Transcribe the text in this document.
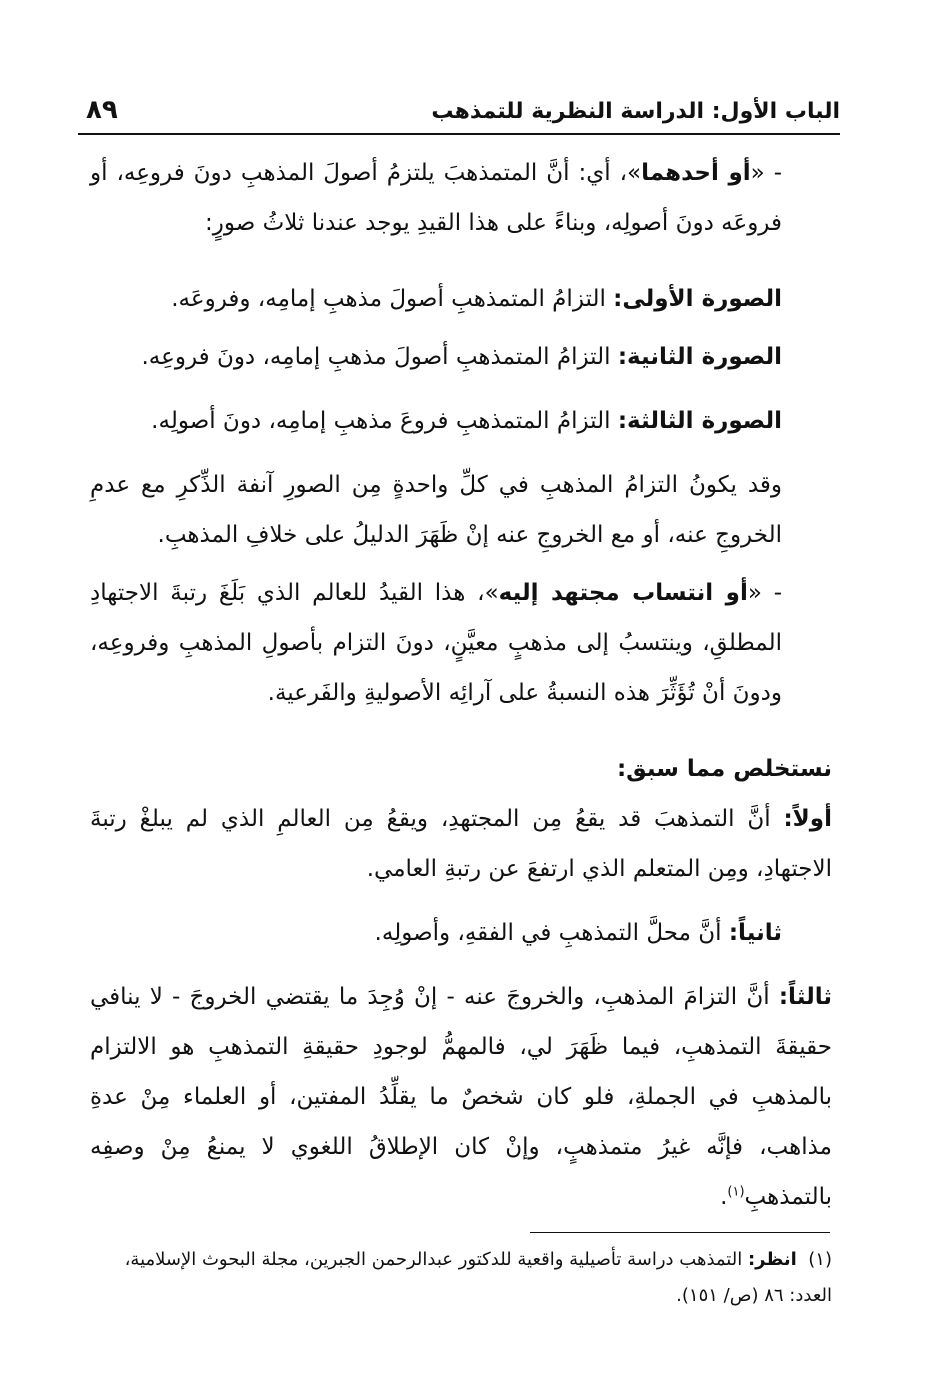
الباب الأول: الدراسة النظرية للتمذهب
٨٩

- «أو أحدهما»، أي: أنَّ المتمذهبَ يلتزمُ أصولَ المذهبِ دونَ فروعِه، أو فروعَه دونَ أصولِه، وبناءً على هذا القيدِ يوجد عندنا ثلاثُ صورٍ:

الصورة الأولى: التزامُ المتمذهبِ أصولَ مذهبِ إمامِه، وفروعَه.

الصورة الثانية: التزامُ المتمذهبِ أصولَ مذهبِ إمامِه، دونَ فروعِه.

الصورة الثالثة: التزامُ المتمذهبِ فروعَ مذهبِ إمامِه، دونَ أصولِه.

وقد يكونُ التزامُ المذهبِ في كلِّ واحدةٍ مِن الصورِ آنفة الذِّكرِ مع عدمِ الخروجِ عنه، أو مع الخروجِ عنه إنْ ظَهَرَ الدليلُ على خلافِ المذهبِ.

- «أو انتساب مجتهد إليه»، هذا القيدُ للعالم الذي بَلَغَ رتبةَ الاجتهادِ المطلقِ، وينتسبُ إلى مذهبٍ معيَّنٍ، دونَ التزام بأصولِ المذهبِ وفروعِه، ودونَ أنْ تُؤَثِّرَ هذه النسبةُ على آرائِه الأصوليةِ والفَرعية.

نستخلص مما سبق:

أولاً: أنَّ التمذهبَ قد يقعُ مِن المجتهدِ، ويقعُ مِن العالمِ الذي لم يبلغْ رتبةَ الاجتهادِ، ومِن المتعلم الذي ارتفعَ عن رتبةِ العامي.

ثانياً: أنَّ محلَّ التمذهبِ في الفقهِ، وأصولِه.

ثالثاً: أنَّ التزامَ المذهبِ، والخروجَ عنه - إنْ وُجِدَ ما يقتضي الخروجَ - لا ينافي حقيقةَ التمذهبِ، فيما ظَهَرَ لي، فالمهمُّ لوجودِ حقيقةِ التمذهبِ هو الالتزام بالمذهبِ في الجملةِ، فلو كان شخصٌ ما يقلِّدُ المفتين، أو العلماء مِنْ عدةِ مذاهب، فإنَّه غيرُ متمذهبٍ، وإنْ كان الإطلاقُ اللغوي لا يمنعُ مِنْ وصفِه بالتمذهبِ$^{(١)}$.

(١)  انظر: التمذهب دراسة تأصيلية واقعية للدكتور عبدالرحمن الجبرين، مجلة البحوث الإسلامية، العدد: ٨٦ (ص/ ١٥١).
